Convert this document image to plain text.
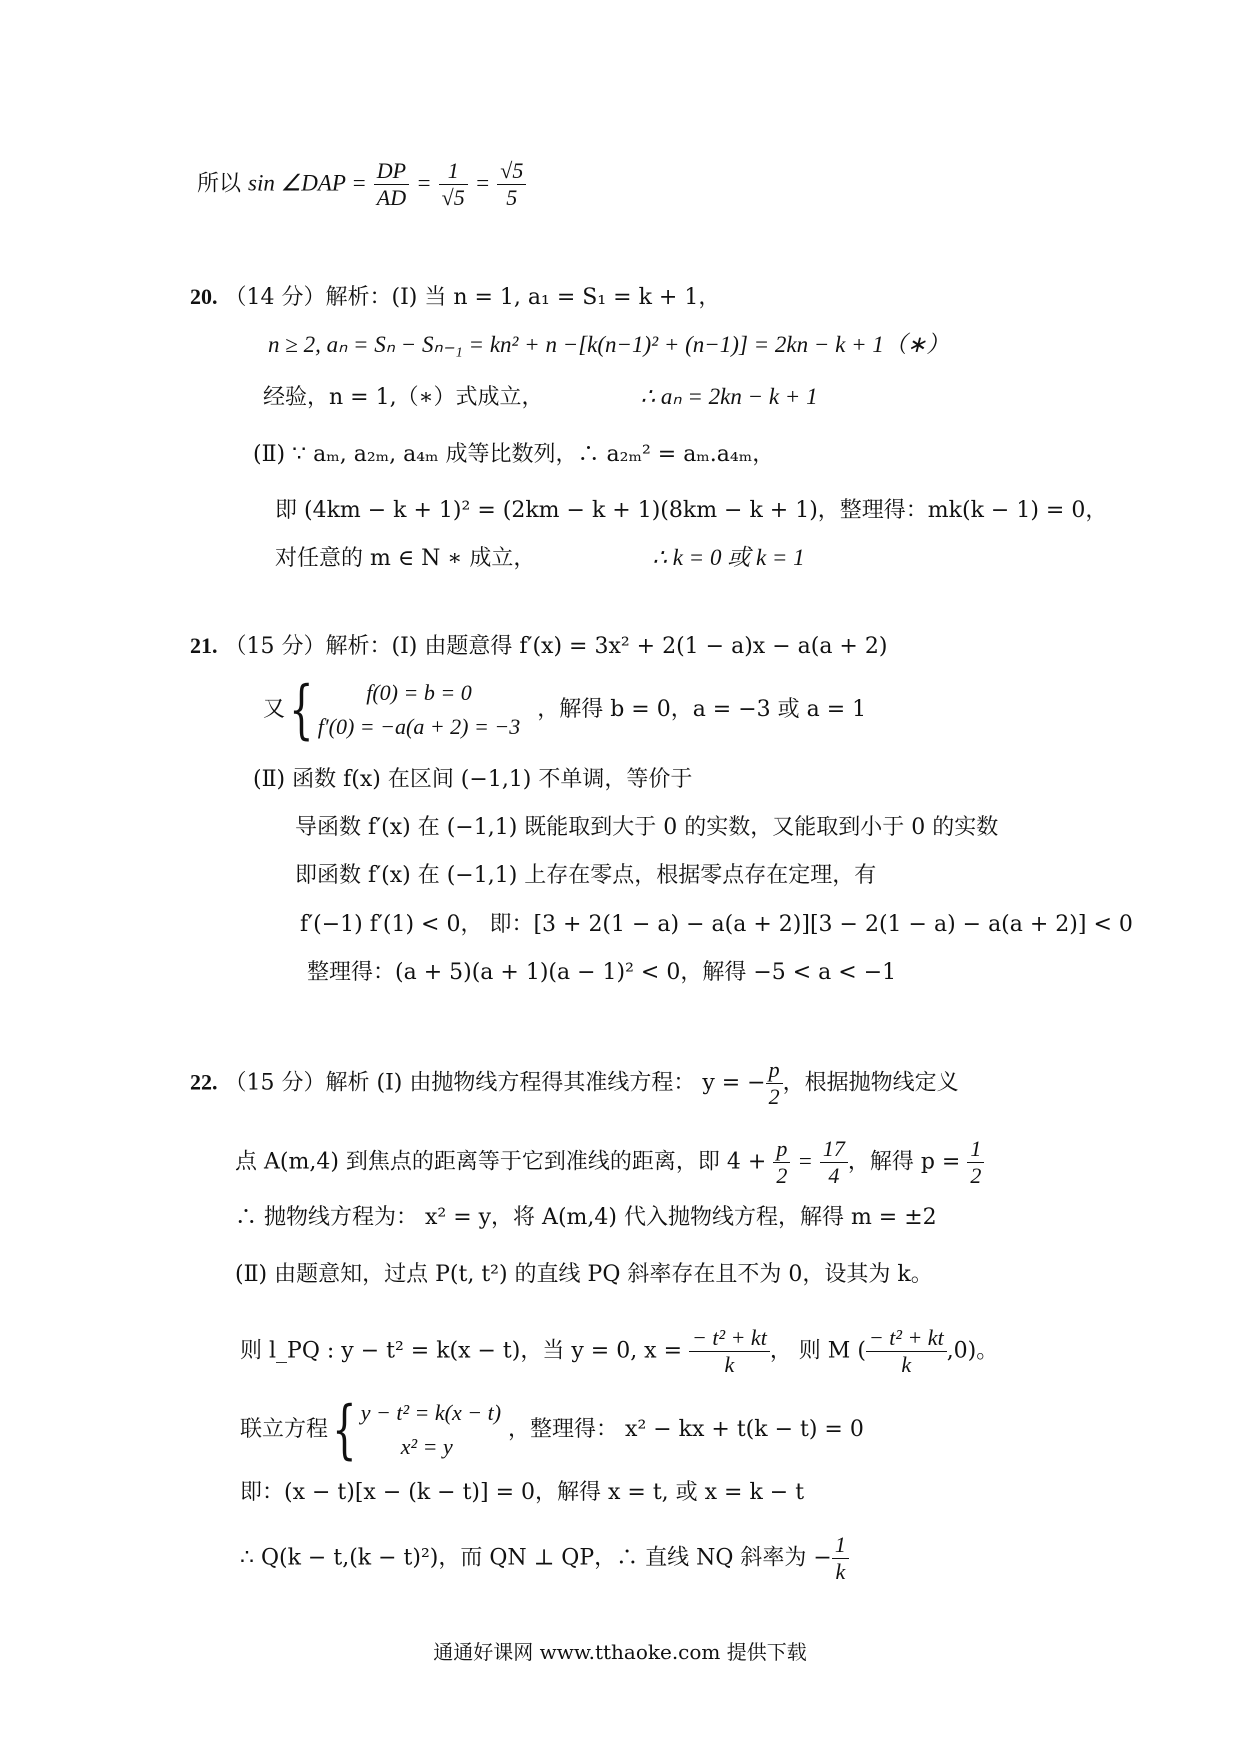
所以 sin ∠DAP = $\frac{DP}{AD} = \frac{1}{√5} = \frac{√5}{5}$
20. （14 分）解析：(Ⅰ) 当 n = 1, a₁ = S₁ = k + 1，
n ≥ 2, aₙ = Sₙ − Sₙ₋₁ = kn² + n −[k(n−1)² + (n−1)] = 2kn − k + 1（∗）
经验，n = 1,（∗）式成立，	∴ aₙ = 2kn − k + 1
(Ⅱ) ∵ aₘ, a₂ₘ, a₄ₘ 成等比数列，∴ a₂ₘ² = aₘ.a₄ₘ，
即 (4km − k + 1)² = (2km − k + 1)(8km − k + 1)，整理得：mk(k − 1) = 0，
对任意的 m ∈ N ∗ 成立，	∴ k = 0 或 k = 1
21. （15 分）解析：(Ⅰ) 由题意得 f′(x) = 3x² + 2(1 − a)x − a(a + 2)
又{	f(0) = b = 0
f′(0) = −a(a + 2) = −3
，解得 b = 0，a = −3 或 a = 1
(Ⅱ) 函数 f(x) 在区间 (−1,1) 不单调，等价于
导函数 f′(x) 在 (−1,1) 既能取到大于 0 的实数，又能取到小于 0 的实数
即函数 f′(x) 在 (−1,1) 上存在零点，根据零点存在定理，有
f′(−1) f′(1) < 0， 即：[3 + 2(1 − a) − a(a + 2)][3 − 2(1 − a) − a(a + 2)] < 0
整理得：(a + 5)(a + 1)(a − 1)² < 0，解得 −5 < a < −1
22. （15 分）解析 (Ⅰ) 由抛物线方程得其准线方程： y = − $\frac{p}{2}$ ，根据抛物线定义
点 A(m,4) 到焦点的距离等于它到准线的距离，即 $4 + \frac{p}{2} = \frac{17}{4}$ ，解得 $p = \frac{1}{2}$
∴ 抛物线方程为： x² = y，将 A(m,4) 代入抛物线方程，解得 m = ±2
(Ⅱ) 由题意知，过点 P(t, t²) 的直线 PQ 斜率存在且不为 0，设其为 k。
则 l_PQ : y − t² = k(x − t)，当 y = 0, $x = \frac{\text{− t² + kt}}{k}$ ， 则 M ( $\frac{\text{− t² + kt}}{k} ,0$)。
联立方程{ y − t² = k(x − t)
x² = y
，整理得： x² − kx + t(k − t) = 0
即：(x − t)[x − (k − t)] = 0，解得 x = t, 或 x = k − t
∴ Q(k − t,(k − t)²)，而 QN ⊥ QP，∴ 直线 NQ 斜率为 − $\frac{1}{k}$
通通好课网 www.tthaoke.com 提供下载
